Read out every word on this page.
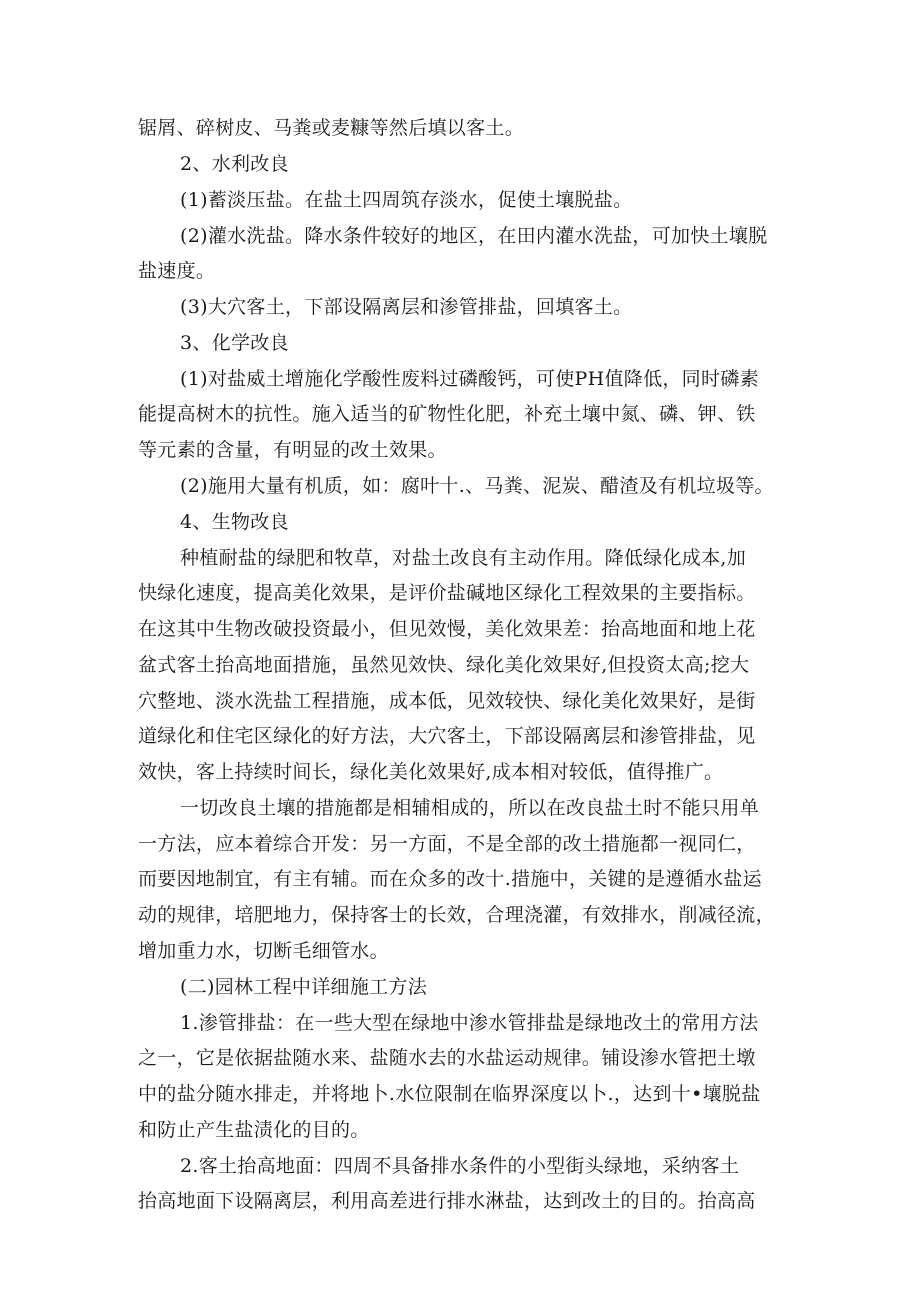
锯屑、碎树皮、马粪或麦糠等然后填以客土。
2、水利改良
(1)蓄淡压盐。在盐土四周筑存淡水，促使土壤脱盐。
(2)灌水洗盐。降水条件较好的地区，在田内灌水洗盐，可加快土壤脱
盐速度。
(3)大穴客土，下部设隔离层和渗管排盐，回填客土。
3、化学改良
(1)对盐威土增施化学酸性废料过磷酸钙，可使PH值降低，同时磷素
能提高树木的抗性。施入适当的矿物性化肥，补充土壤中氮、磷、钾、铁
等元素的含量，有明显的改土效果。
(2)施用大量有机质，如：腐叶十.、马粪、泥炭、醋渣及有机垃圾等。
4、生物改良
种植耐盐的绿肥和牧草，对盐土改良有主动作用。降低绿化成本,加
快绿化速度，提高美化效果，是评价盐碱地区绿化工程效果的主要指标。
在这其中生物改破投资最小，但见效慢，美化效果差：抬高地面和地上花
盆式客土抬高地面措施，虽然见效快、绿化美化效果好,但投资太高;挖大
穴整地、淡水洗盐工程措施，成本低，见效较快、绿化美化效果好，是街
道绿化和住宅区绿化的好方法，大穴客土，下部设隔离层和渗管排盐，见
效快，客上持续时间长，绿化美化效果好,成本相对较低，值得推广。
一切改良土壤的措施都是相辅相成的，所以在改良盐土时不能只用单
一方法，应本着综合开发：另一方面，不是全部的改土措施都一视同仁，
而要因地制宜，有主有辅。而在众多的改十.措施中，关键的是遵循水盐运
动的规律，培肥地力，保持客士的长效，合理浇灌，有效排水，削减径流，
增加重力水，切断毛细管水。
(二)园林工程中详细施工方法
1.渗管排盐：在一些大型在绿地中渗水管排盐是绿地改土的常用方法
之一，它是依据盐随水来、盐随水去的水盐运动规律。铺设渗水管把土墩
中的盐分随水排走，并将地卜.水位限制在临界深度以卜.，达到十•壤脱盐
和防止产生盐渍化的目的。
2.客土抬高地面：四周不具备排水条件的小型街头绿地，采纳客土
抬高地面下设隔离层，利用高差进行排水淋盐，达到改土的目的。抬高高
